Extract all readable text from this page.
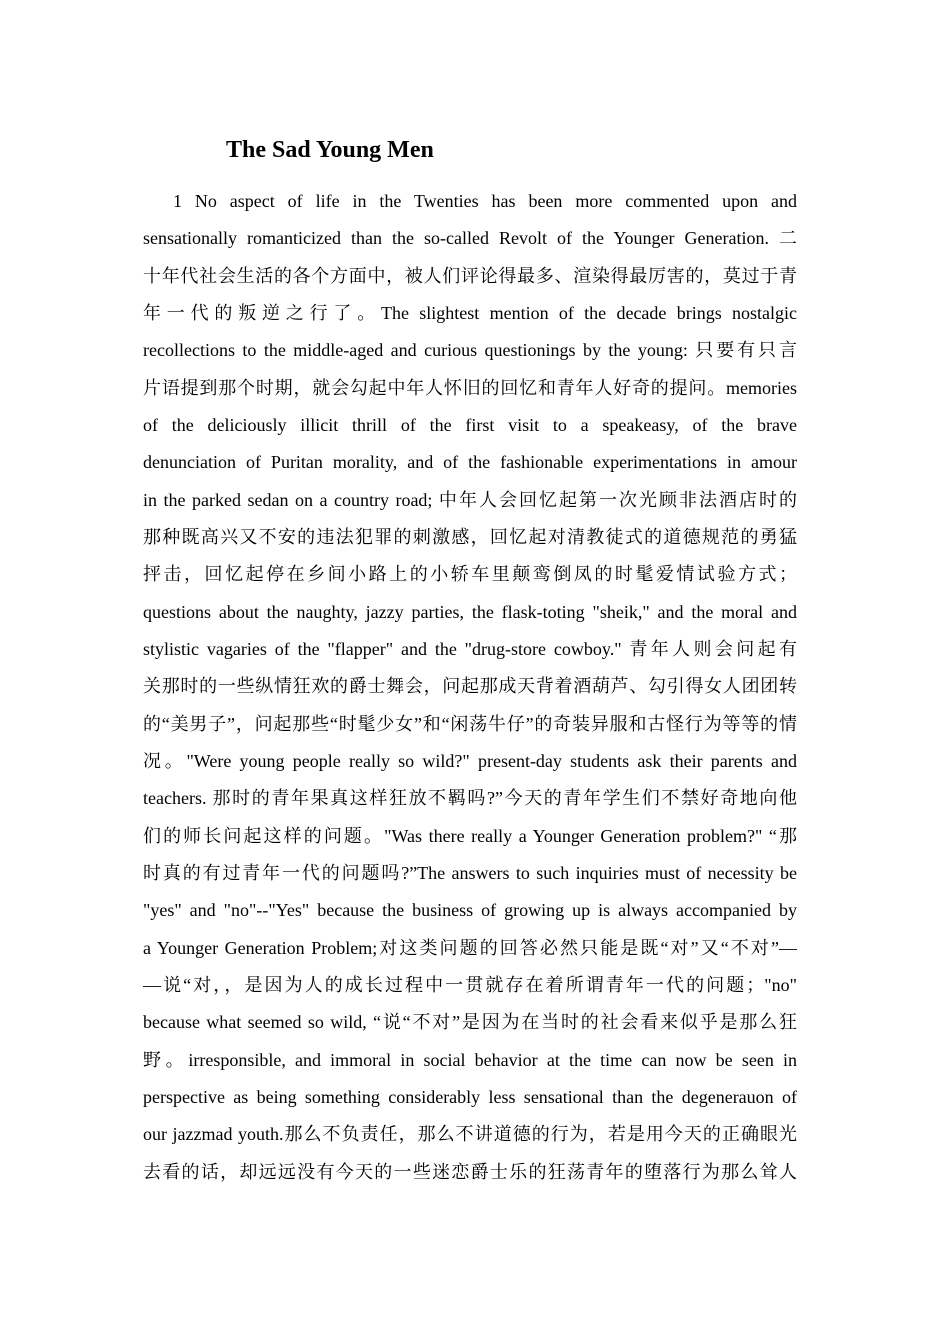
The Sad Young Men
1 No aspect of life in the Twenties has been more commented upon and
sensationally romanticized than the so-called Revolt of the Younger Generation. 二
十年代社会生活的各个方面中，被人们评论得最多、渲染得最厉害的，莫过于青
年一代的叛逆之行了。The slightest mention of the decade brings nostalgic
recollections to the middle-aged and curious questionings by the young: 只要有只言
片语提到那个时期，就会勾起中年人怀旧的回忆和青年人好奇的提问。memories
of the deliciously illicit thrill of the first visit to a speakeasy, of the brave
denunciation of Puritan morality, and of the fashionable experimentations in amour
in the parked sedan on a country road; 中年人会回忆起第一次光顾非法酒店时的
那种既高兴又不安的违法犯罪的刺激感，回忆起对清教徒式的道德规范的勇猛
抨击，回忆起停在乡间小路上的小轿车里颠鸾倒凤的时髦爱情试验方式；
questions about the naughty, jazzy parties, the flask-toting "sheik," and the moral and
stylistic vagaries of the "flapper" and the "drug-store cowboy." 青年人则会问起有
关那时的一些纵情狂欢的爵士舞会，问起那成天背着酒葫芦、勾引得女人团团转
的“美男子”，问起那些“时髦少女”和“闲荡牛仔”的奇装异服和古怪行为等等的情
况。"Were young people really so wild?" present-day students ask their parents and
teachers. 那时的青年果真这样狂放不羁吗?”今天的青年学生们不禁好奇地向他
们的师长问起这样的问题。"Was there really a Younger Generation problem?" “那
时真的有过青年一代的问题吗?”The answers to such inquiries must of necessity be
"yes" and "no"--"Yes" because the business of growing up is always accompanied by
a Younger Generation Problem;对这类问题的回答必然只能是既“对”又“不对”—
—说“对，，是因为人的成长过程中一贯就存在着所谓青年一代的问题；"no"
because what seemed so wild, “说“不对”是因为在当时的社会看来似乎是那么狂
野。irresponsible, and immoral in social behavior at the time can now be seen in
perspective as being something considerably less sensational than the degenerauon of
our jazzmad youth.那么不负责任，那么不讲道德的行为，若是用今天的正确眼光
去看的话，却远远没有今天的一些迷恋爵士乐的狂荡青年的堕落行为那么耸人
